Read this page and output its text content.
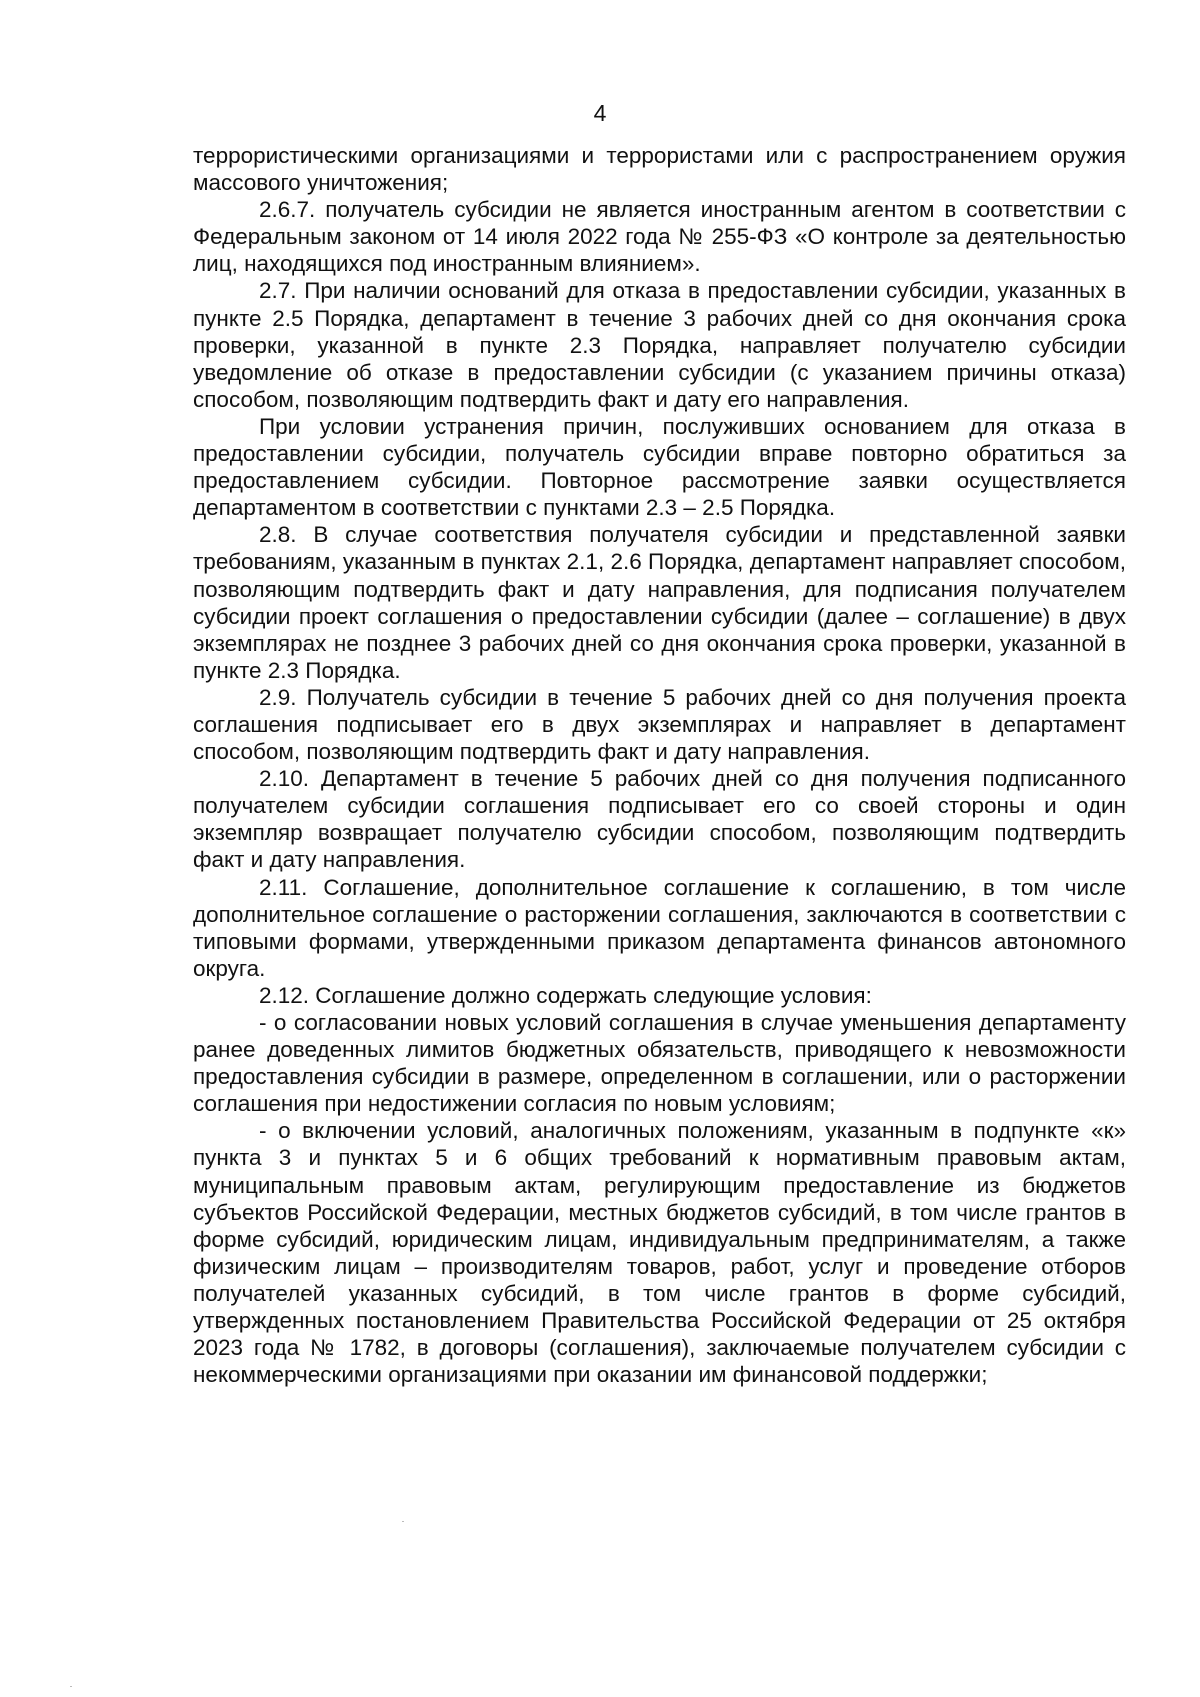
4

террористическими организациями и террористами или с распространением оружия массового уничтожения;

2.6.7. получатель субсидии не является иностранным агентом в соответствии с Федеральным законом от 14 июля 2022 года № 255-ФЗ «О контроле за деятельностью лиц, находящихся под иностранным влиянием».

2.7. При наличии оснований для отказа в предоставлении субсидии, указанных в пункте 2.5 Порядка, департамент в течение 3 рабочих дней со дня окончания срока проверки, указанной в пункте 2.3 Порядка, направляет получателю субсидии уведомление об отказе в предоставлении субсидии (с указанием причины отказа) способом, позволяющим подтвердить факт и дату его направления.

При условии устранения причин, послуживших основанием для отказа в предоставлении субсидии, получатель субсидии вправе повторно обратиться за предоставлением субсидии. Повторное рассмотрение заявки осуществляется департаментом в соответствии с пунктами 2.3 – 2.5 Порядка.

2.8. В случае соответствия получателя субсидии и представленной заявки требованиям, указанным в пунктах 2.1, 2.6 Порядка, департамент направляет способом, позволяющим подтвердить факт и дату направления, для подписания получателем субсидии проект соглашения о предоставлении субсидии (далее – соглашение) в двух экземплярах не позднее 3 рабочих дней со дня окончания срока проверки, указанной в пункте 2.3 Порядка.

2.9. Получатель субсидии в течение 5 рабочих дней со дня получения проекта соглашения подписывает его в двух экземплярах и направляет в департамент способом, позволяющим подтвердить факт и дату направления.

2.10. Департамент в течение 5 рабочих дней со дня получения подписанного получателем субсидии соглашения подписывает его со своей стороны и один экземпляр возвращает получателю субсидии способом, позволяющим подтвердить факт и дату направления.

2.11. Соглашение, дополнительное соглашение к соглашению, в том числе дополнительное соглашение о расторжении соглашения, заключаются в соответствии с типовыми формами, утвержденными приказом департамента финансов автономного округа.

2.12. Соглашение должно содержать следующие условия:

- о согласовании новых условий соглашения в случае уменьшения департаменту ранее доведенных лимитов бюджетных обязательств, приводящего к невозможности предоставления субсидии в размере, определенном в соглашении, или о расторжении соглашения при недостижении согласия по новым условиям;

- о включении условий, аналогичных положениям, указанным в подпункте «к» пункта 3 и пунктах 5 и 6 общих требований к нормативным правовым актам, муниципальным правовым актам, регулирующим предоставление из бюджетов субъектов Российской Федерации, местных бюджетов субсидий, в том числе грантов в форме субсидий, юридическим лицам, индивидуальным предпринимателям, а также физическим лицам – производителям товаров, работ, услуг и проведение отборов получателей указанных субсидий, в том числе грантов в форме субсидий, утвержденных постановлением Правительства Российской Федерации от 25 октября 2023 года № 1782, в договоры (соглашения), заключаемые получателем субсидии с некоммерческими организациями при оказании им финансовой поддержки;
